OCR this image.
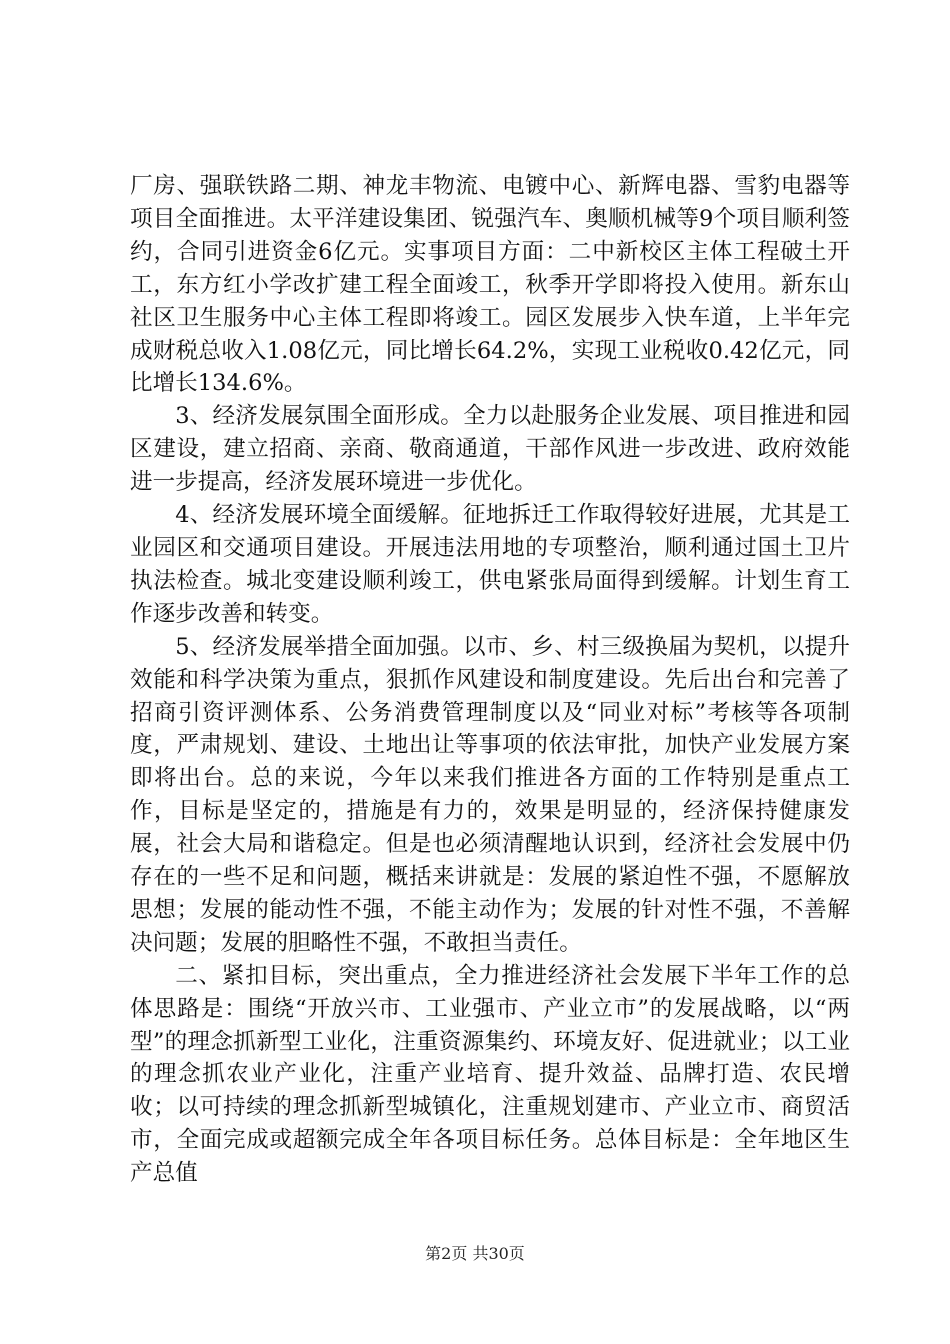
厂房、强联铁路二期、神龙丰物流、电镀中心、新辉电器、雪豹电器等项目全面推进。太平洋建设集团、锐强汽车、奥顺机械等9个项目顺利签约，合同引进资金6亿元。实事项目方面：二中新校区主体工程破土开工，东方红小学改扩建工程全面竣工，秋季开学即将投入使用。新东山社区卫生服务中心主体工程即将竣工。园区发展步入快车道，上半年完成财税总收入1.08亿元，同比增长64.2%，实现工业税收0.42亿元，同比增长134.6%。

3、经济发展氛围全面形成。全力以赴服务企业发展、项目推进和园区建设，建立招商、亲商、敬商通道，干部作风进一步改进、政府效能进一步提高，经济发展环境进一步优化。

4、经济发展环境全面缓解。征地拆迁工作取得较好进展，尤其是工业园区和交通项目建设。开展违法用地的专项整治，顺利通过国土卫片执法检查。城北变建设顺利竣工，供电紧张局面得到缓解。计划生育工作逐步改善和转变。

5、经济发展举措全面加强。以市、乡、村三级换届为契机，以提升效能和科学决策为重点，狠抓作风建设和制度建设。先后出台和完善了招商引资评测体系、公务消费管理制度以及“同业对标”考核等各项制度，严肃规划、建设、土地出让等事项的依法审批，加快产业发展方案即将出台。总的来说，今年以来我们推进各方面的工作特别是重点工作，目标是坚定的，措施是有力的，效果是明显的，经济保持健康发展，社会大局和谐稳定。但是也必须清醒地认识到，经济社会发展中仍存在的一些不足和问题，概括来讲就是：发展的紧迫性不强，不愿解放思想；发展的能动性不强，不能主动作为；发展的针对性不强，不善解决问题；发展的胆略性不强，不敢担当责任。

二、紧扣目标，突出重点，全力推进经济社会发展下半年工作的总体思路是：围绕“开放兴市、工业强市、产业立市”的发展战略，以“两型”的理念抓新型工业化，注重资源集约、环境友好、促进就业；以工业的理念抓农业产业化，注重产业培育、提升效益、品牌打造、农民增收；以可持续的理念抓新型城镇化，注重规划建市、产业立市、商贸活市，全面完成或超额完成全年各项目标任务。总体目标是：全年地区生产总值

第2页 共30页
